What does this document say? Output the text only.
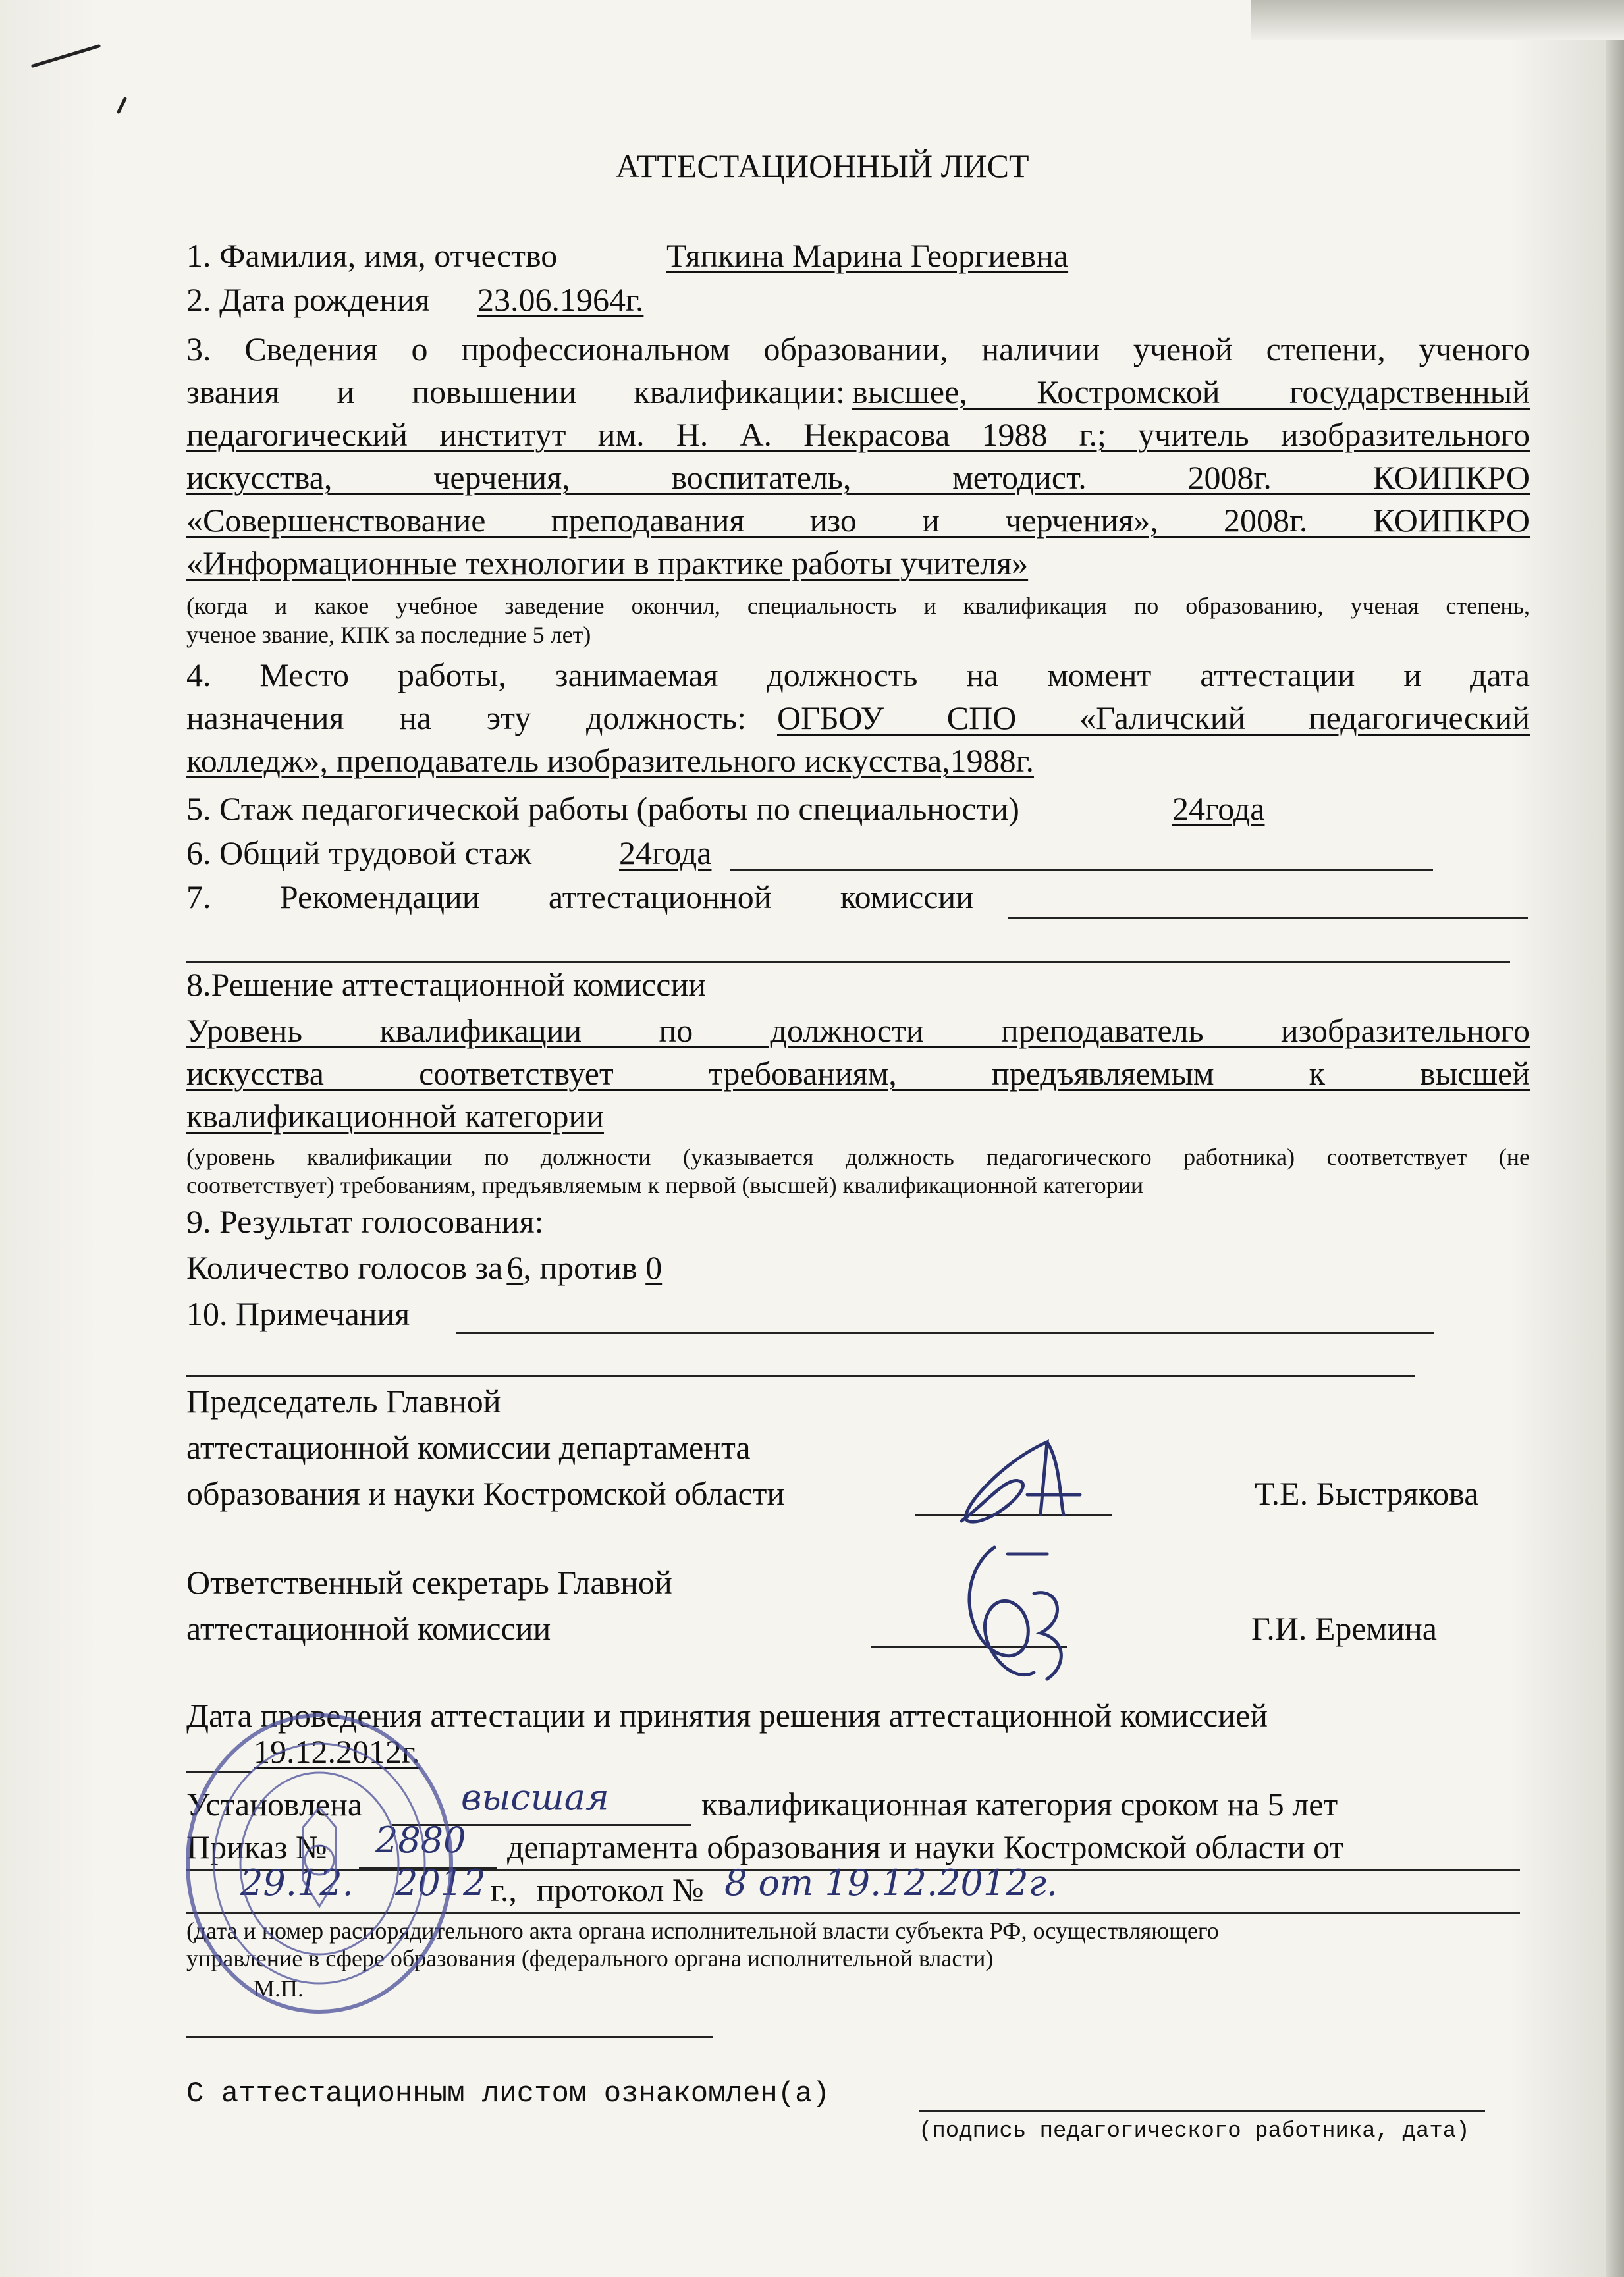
АТТЕСТАЦИОННЫЙ ЛИСТ
1. Фамилия, имя, отчество	Тяпкина Марина Георгиевна
2. Дата рождения 23.06.1964г.
3. Сведения о профессиональном образовании, наличии ученой степени, ученого
звания и повышении квалификации: высшее, Костромской государственный
педагогический институт им. Н. А. Некрасова 1988 г.; учитель изобразительного
искусства, черчения, воспитатель, методист. 2008г. КОИПКРО
«Совершенствование преподавания изо и черчения», 2008г. КОИПКРО
«Информационные технологии в практике работы учителя»
(когда и какое учебное заведение окончил, специальность и квалификация по образованию, ученая степень,
ученое звание, КПК за последние 5 лет)
4. Место работы, занимаемая должность на момент аттестации и дата
назначения на эту должность: ОГБОУ СПО «Галичский педагогический
колледж», преподаватель изобразительного искусства,1988г.
5. Стаж педагогической работы (работы по специальности)	24года
6. Общий трудовой стаж	24года
7. Рекомендации аттестационной комиссии
8.Решение аттестационной комиссии
Уровень квалификации по должности преподаватель изобразительного
искусства соответствует требованиям, предъявляемым к высшей
квалификационной категории
(уровень квалификации по должности (указывается должность педагогического работника) соответствует (не
соответствует) требованиям, предъявляемым к первой (высшей) квалификационной категории
9. Результат голосования:
Количество голосов за 6, против 0
10. Примечания
Председатель Главной
аттестационной комиссии департамента
образования и науки Костромской области	Т.Е. Быстрякова
Ответственный секретарь Главной
аттестационной комиссии	Г.И. Еремина
Дата проведения аттестации и принятия решения аттестационной комиссией
19.12.2012г.
Установлена	высшая	квалификационная категория сроком на 5 лет
Приказ № 2880 департамента образования и науки Костромской области от
29.12. 2012 г., протокол № 8 от 19.12.2012г.
(дата и номер распорядительного акта органа исполнительной власти субъекта РФ, осуществляющего
управление в сфере образования (федерального органа исполнительной власти)
М.П.
С аттестационным листом ознакомлен(а)
(подпись педагогического работника, дата)
